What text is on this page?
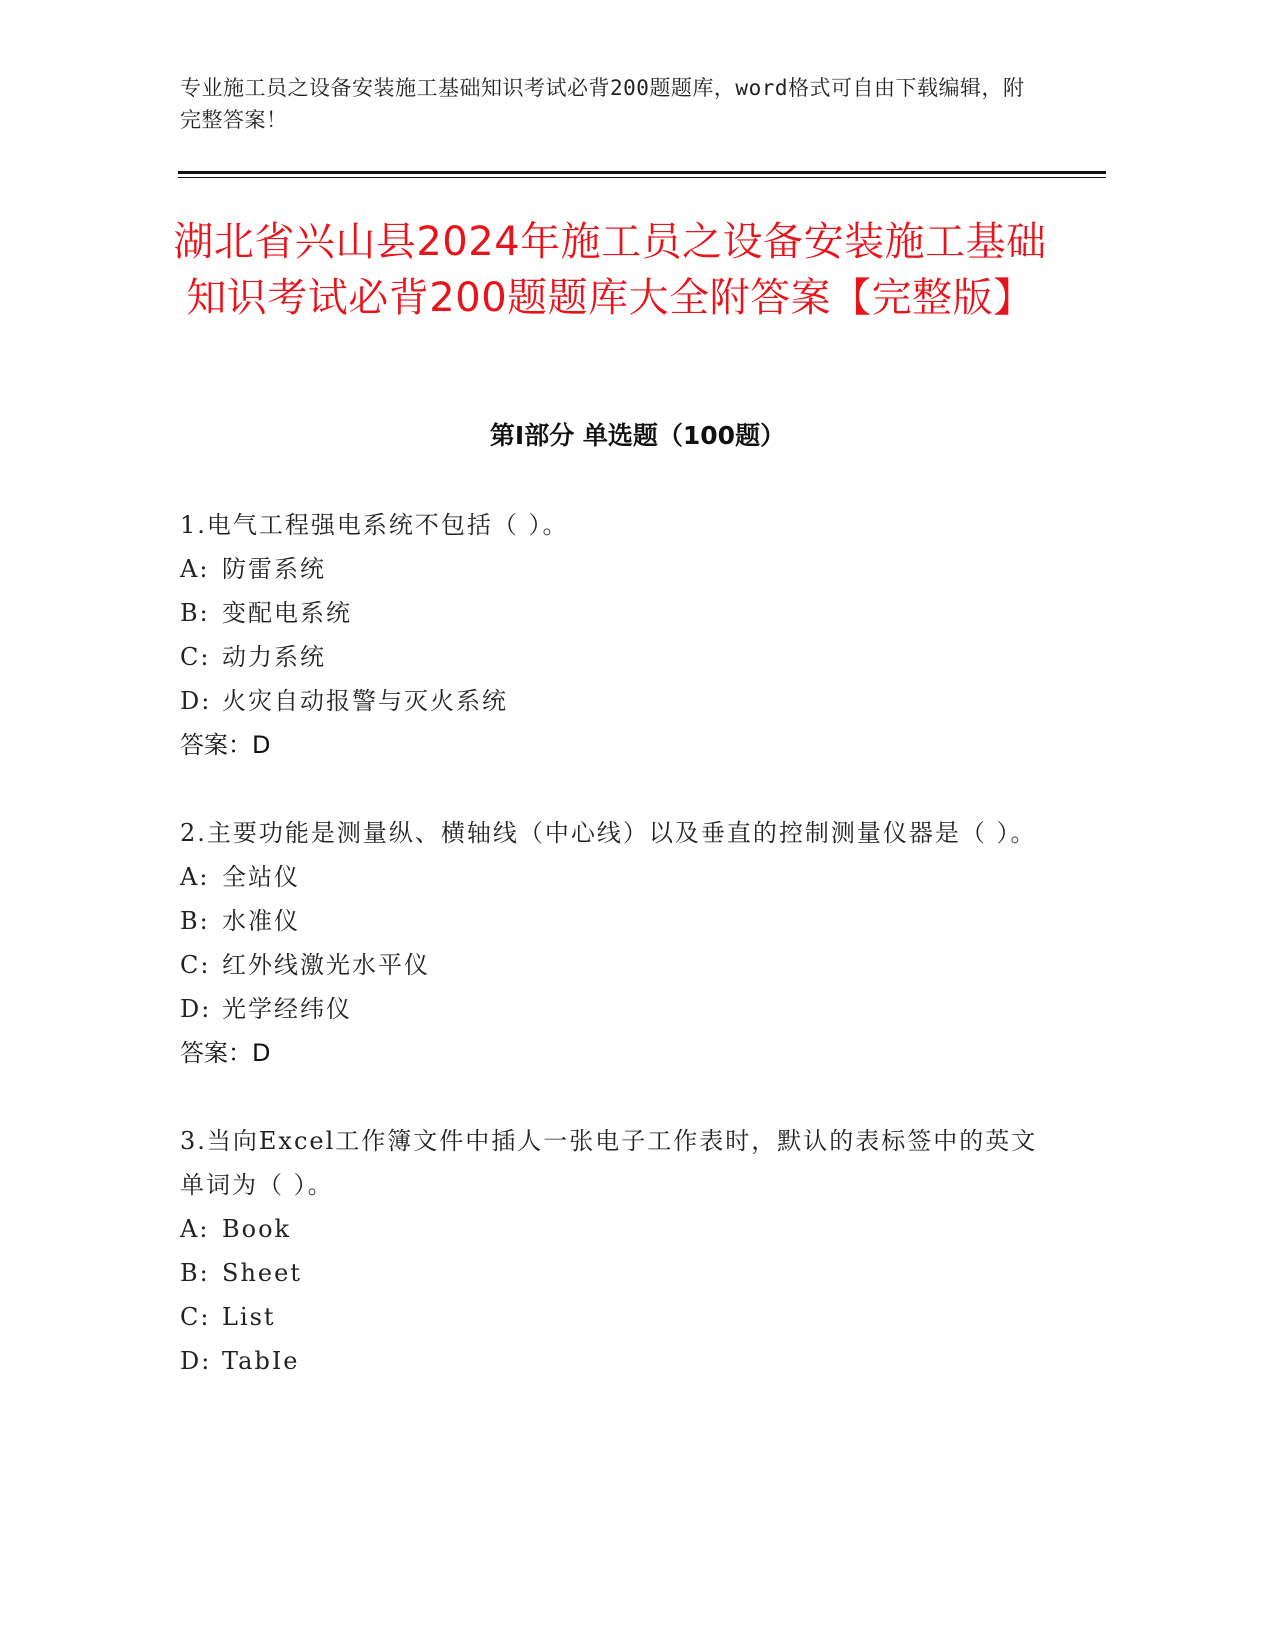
专业施工员之设备安装施工基础知识考试必背200题题库，word格式可自由下载编辑，附完整答案！
湖北省兴山县2024年施工员之设备安装施工基础知识考试必背200题题库大全附答案【完整版】
第Ⅰ部分 单选题（100题）
1.电气工程强电系统不包括（ ）。
A: 防雷系统
B: 变配电系统
C: 动力系统
D: 火灾自动报警与灭火系统
答案：D
2.主要功能是测量纵、横轴线（中心线）以及垂直的控制测量仪器是（ ）。
A: 全站仪
B: 水准仪
C: 红外线激光水平仪
D: 光学经纬仪
答案：D
3.当向Excel工作簿文件中插人一张电子工作表时，默认的表标签中的英文单词为（ ）。
A: Book
B: Sheet
C: List
D: TabIe
